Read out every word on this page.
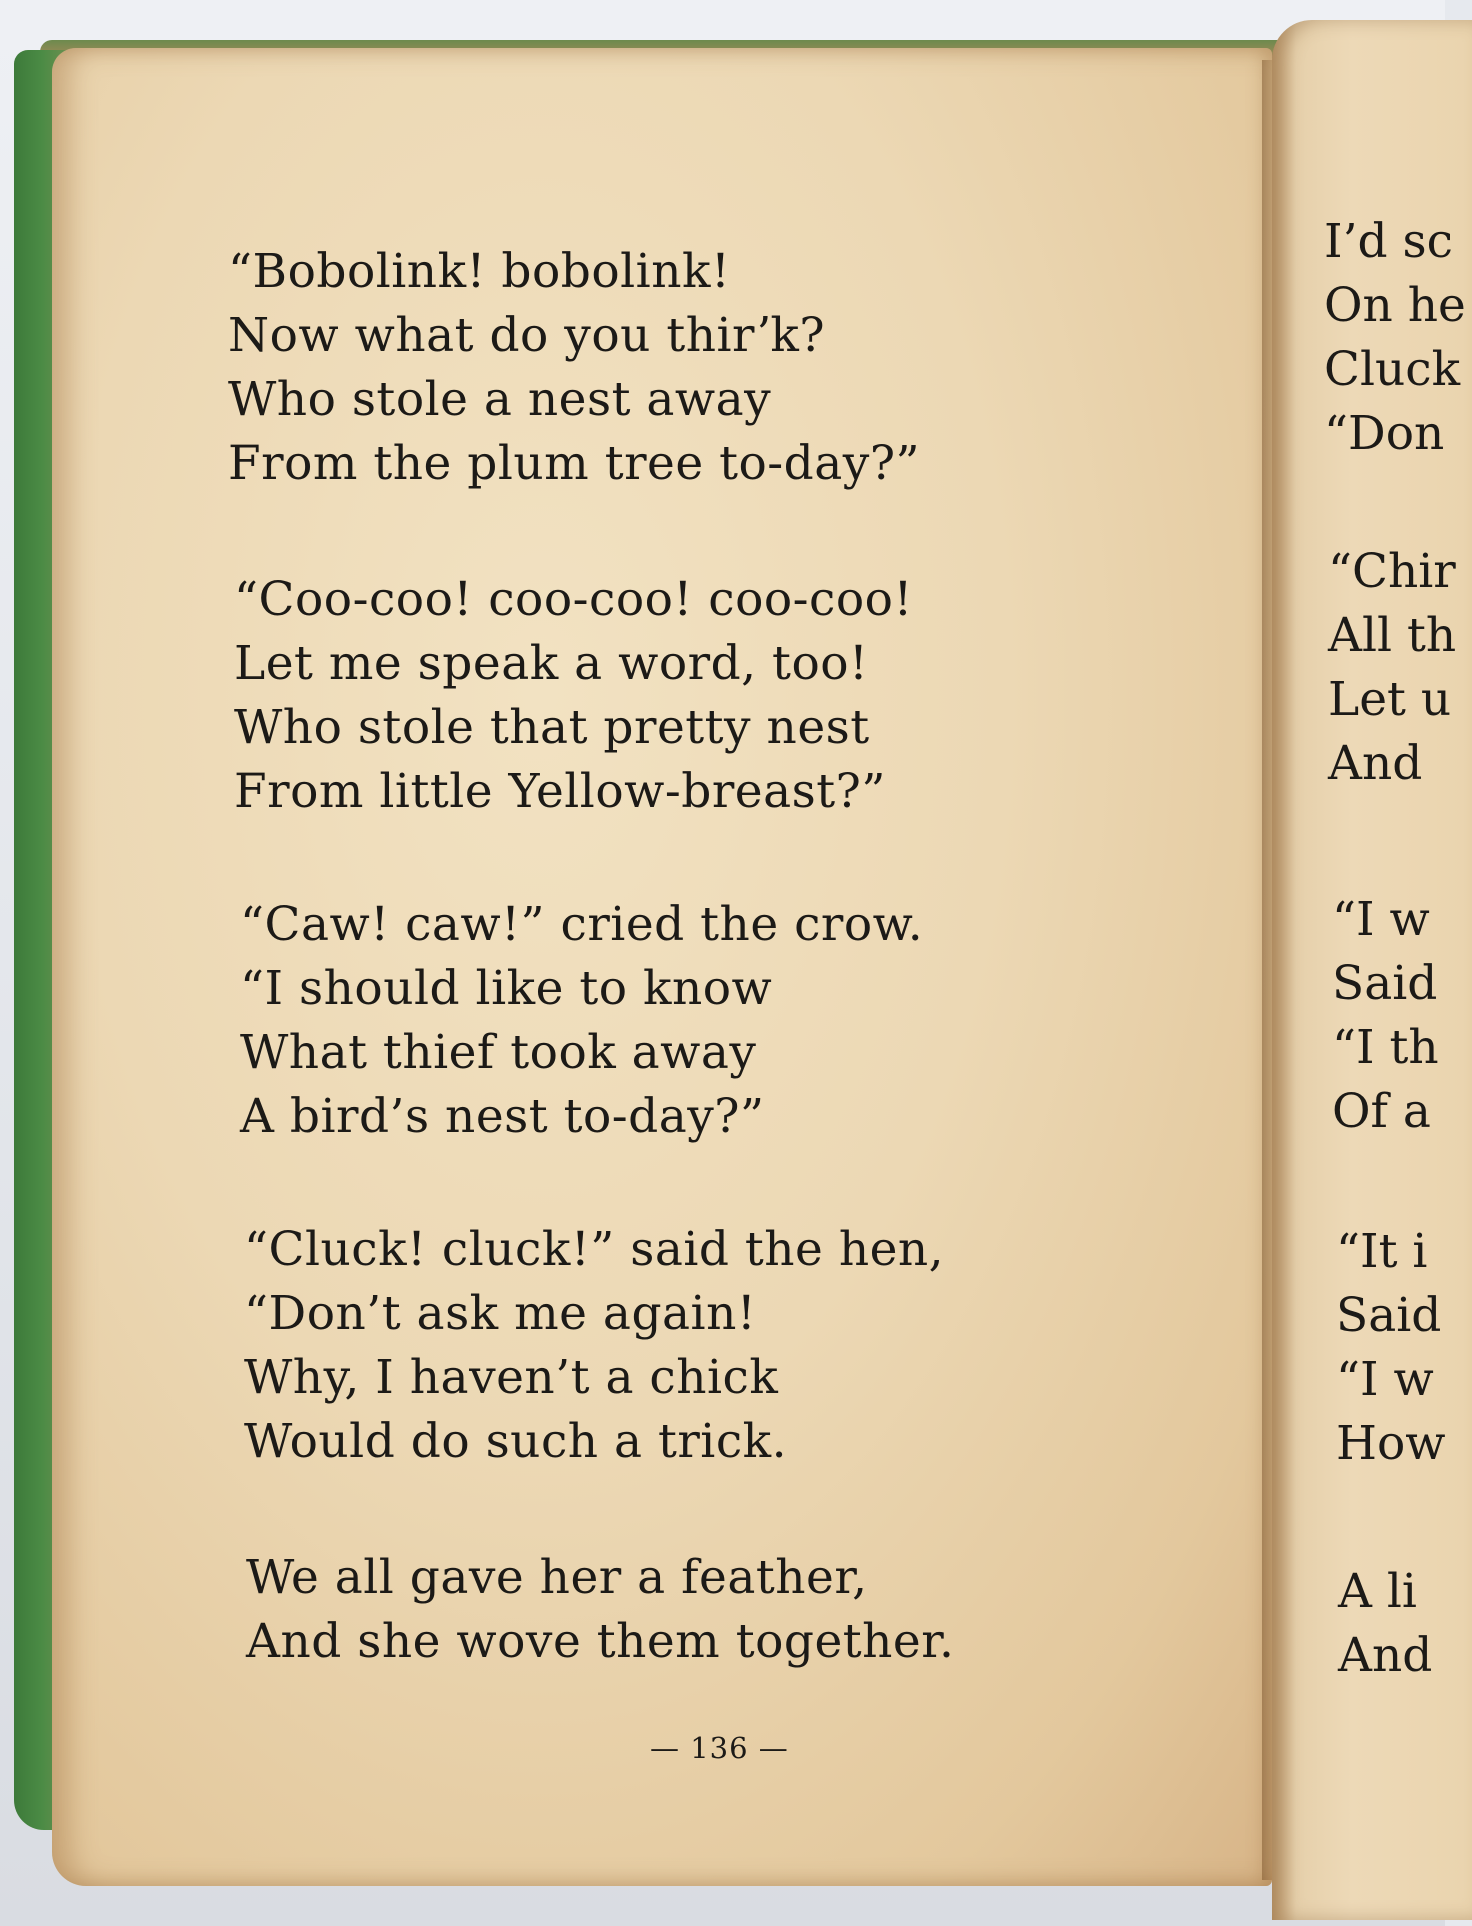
“Bobolink! bobolink!
Now what do you thirʼk?
Who stole a nest away
From the plum tree to-day?”
“Coo-coo! coo-coo! coo-coo!
Let me speak a word, too!
Who stole that pretty nest
From little Yellow-breast?”
“Caw! caw!” cried the crow.
“I should like to know
What thief took away
A bird’s nest to-day?”
“Cluck! cluck!” said the hen,
“Don’t ask me again!
Why, I haven’t a chick
Would do such a trick.
We all gave her a feather,
And she wove them together.
— 136 —
I’d sc
On he
Cluck
“Don
“Chir
All th
Let u
And
“I w
Said
“I th
Of a
“It i
Said
“I w
How
A li
And
